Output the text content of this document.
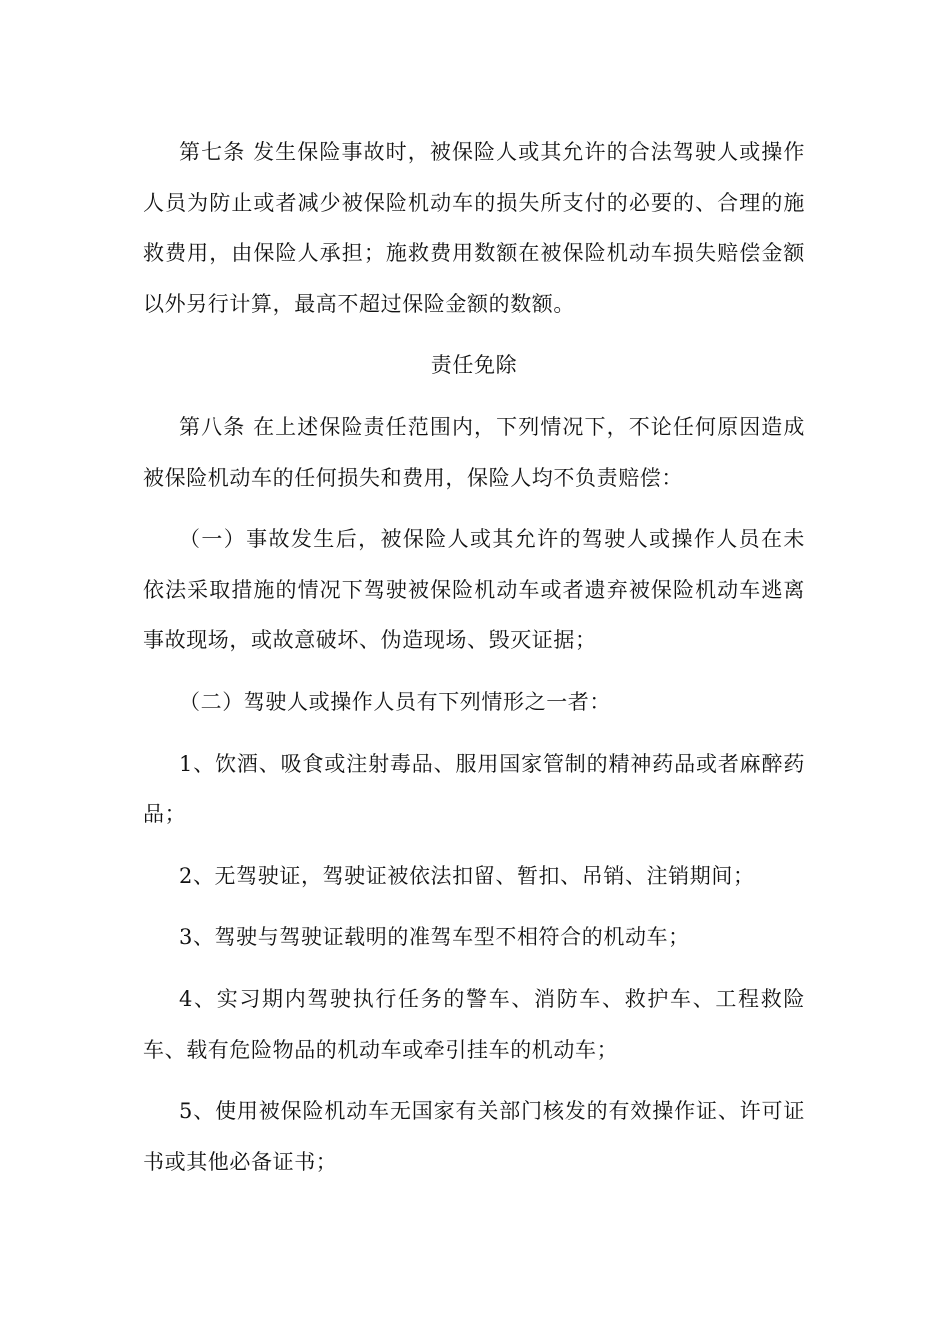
第七条 发生保险事故时，被保险人或其允许的合法驾驶人或操作人员为防止或者减少被保险机动车的损失所支付的必要的、合理的施救费用，由保险人承担；施救费用数额在被保险机动车损失赔偿金额以外另行计算，最高不超过保险金额的数额。

责任免除

第八条 在上述保险责任范围内，下列情况下，不论任何原因造成被保险机动车的任何损失和费用，保险人均不负责赔偿：

（一）事故发生后，被保险人或其允许的驾驶人或操作人员在未依法采取措施的情况下驾驶被保险机动车或者遗弃被保险机动车逃离事故现场，或故意破坏、伪造现场、毁灭证据；

（二）驾驶人或操作人员有下列情形之一者：

1、饮酒、吸食或注射毒品、服用国家管制的精神药品或者麻醉药品；

2、无驾驶证，驾驶证被依法扣留、暂扣、吊销、注销期间；

3、驾驶与驾驶证载明的准驾车型不相符合的机动车；

4、实习期内驾驶执行任务的警车、消防车、救护车、工程救险车、载有危险物品的机动车或牵引挂车的机动车；

5、使用被保险机动车无国家有关部门核发的有效操作证、许可证书或其他必备证书；
